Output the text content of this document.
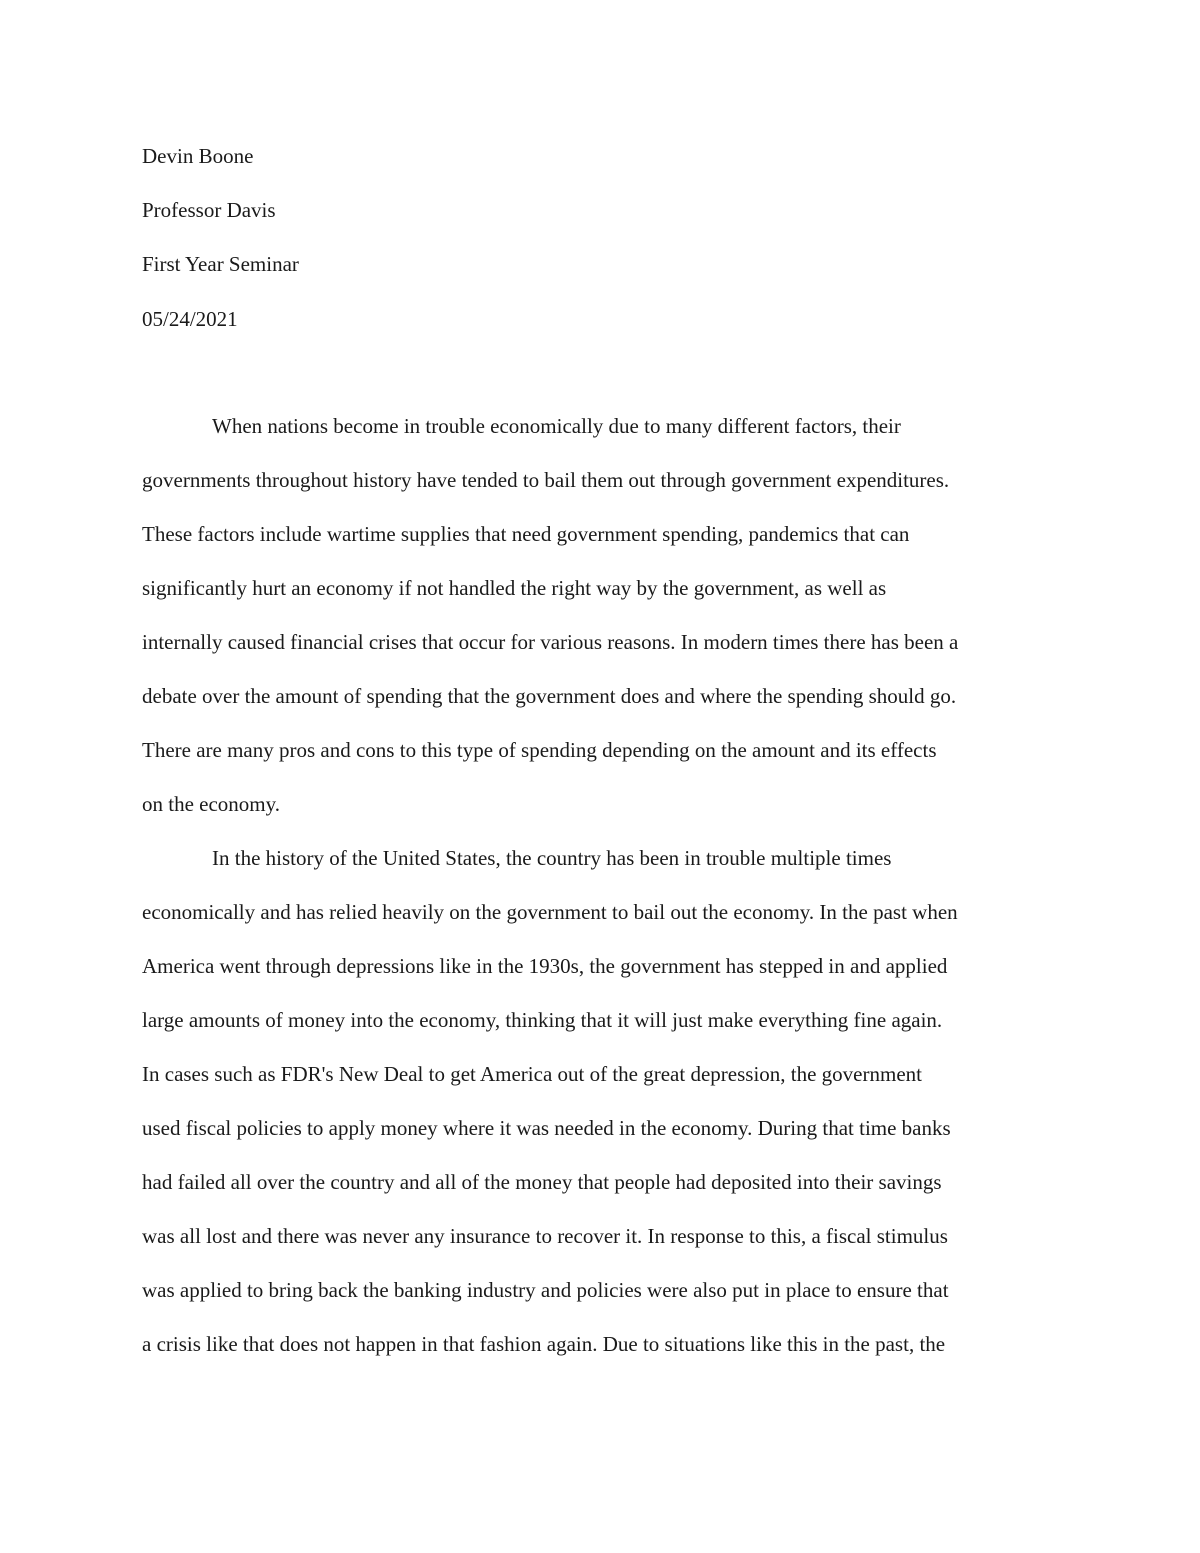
Devin Boone

Professor Davis

First Year Seminar

05/24/2021

When nations become in trouble economically due to many different factors, their

governments throughout history have tended to bail them out through government expenditures.

These factors include wartime supplies that need government spending, pandemics that can

significantly hurt an economy if not handled the right way by the government, as well as

internally caused financial crises that occur for various reasons. In modern times there has been a

debate over the amount of spending that the government does and where the spending should go.

There are many pros and cons to this type of spending depending on the amount and its effects

on the economy.

In the history of the United States, the country has been in trouble multiple times

economically and has relied heavily on the government to bail out the economy. In the past when

America went through depressions like in the 1930s, the government has stepped in and applied

large amounts of money into the economy, thinking that it will just make everything fine again.

In cases such as FDR's New Deal to get America out of the great depression, the government

used fiscal policies to apply money where it was needed in the economy. During that time banks

had failed all over the country and all of the money that people had deposited into their savings

was all lost and there was never any insurance to recover it. In response to this, a fiscal stimulus

was applied to bring back the banking industry and policies were also put in place to ensure that

a crisis like that does not happen in that fashion again. Due to situations like this in the past, the
